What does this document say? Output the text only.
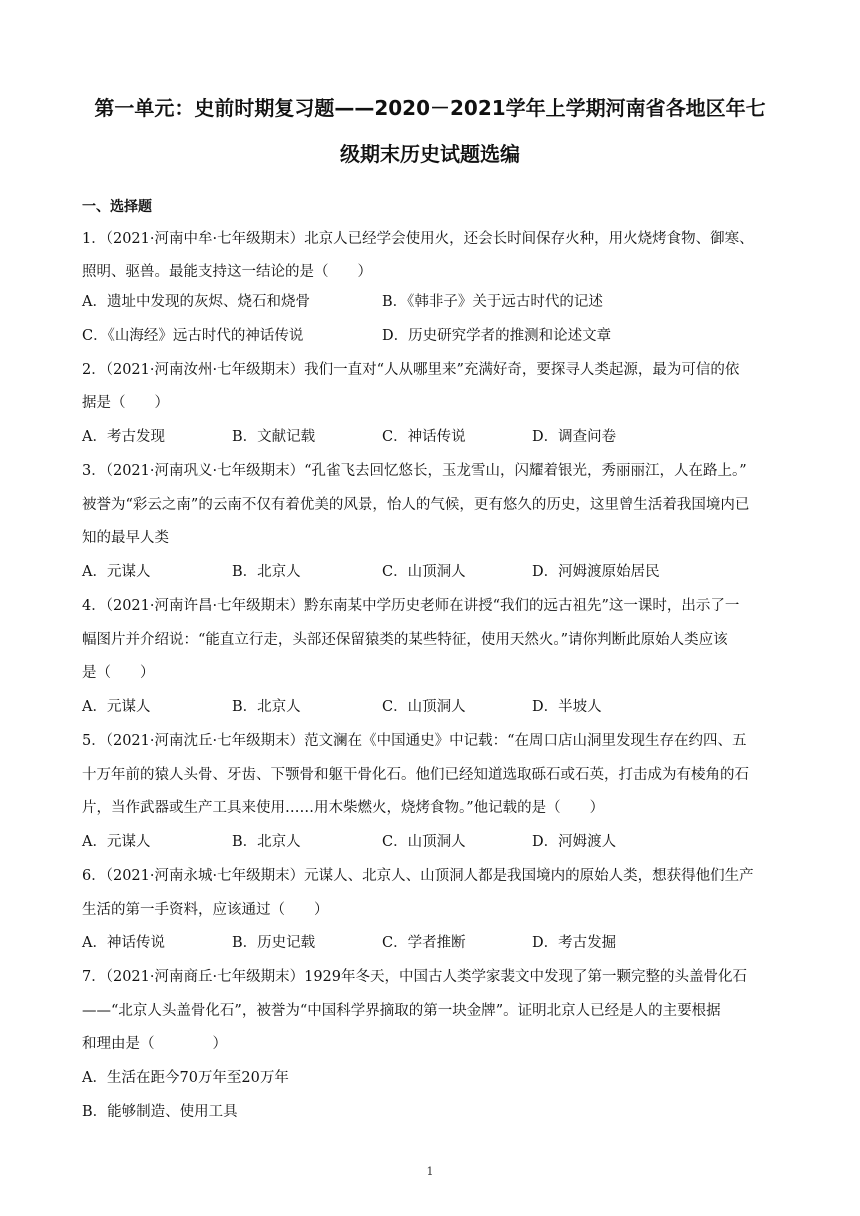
第一单元：史前时期复习题——2020－2021学年上学期河南省各地区年七
级期末历史试题选编
一、选择题
1．（2021·河南中牟·七年级期末）北京人已经学会使用火，还会长时间保存火种，用火烧烤食物、御寒、
照明、驱兽。最能支持这一结论的是（　　）
A．遗址中发现的灰烬、烧石和烧骨	B．《韩非子》关于远古时代的记述
C．《山海经》远古时代的神话传说	D．历史研究学者的推测和论述文章
2．（2021·河南汝州·七年级期末）我们一直对“人从哪里来”充满好奇，要探寻人类起源，最为可信的依
据是（　　）
A．考古发现	B．文献记载	C．神话传说	D．调查问卷
3．（2021·河南巩义·七年级期末）“孔雀飞去回忆悠长，玉龙雪山，闪耀着银光，秀丽丽江，人在路上。”
被誉为“彩云之南”的云南不仅有着优美的风景，怡人的气候，更有悠久的历史，这里曾生活着我国境内已
知的最早人类
A．元谋人	B．北京人	C．山顶洞人	D．河姆渡原始居民
4．（2021·河南许昌·七年级期末）黔东南某中学历史老师在讲授“我们的远古祖先”这一课时，出示了一
幅图片并介绍说：“能直立行走，头部还保留猿类的某些特征，使用天然火。”请你判断此原始人类应该
是（　　）
A．元谋人	B．北京人	C．山顶洞人	D．半坡人
5．（2021·河南沈丘·七年级期末）范文澜在《中国通史》中记载：“在周口店山洞里发现生存在约四、五
十万年前的猿人头骨、牙齿、下颚骨和躯干骨化石。他们已经知道选取砾石或石英，打击成为有棱角的石
片，当作武器或生产工具来使用……用木柴燃火，烧烤食物。”他记载的是（　　）
A．元谋人	B．北京人	C．山顶洞人	D．河姆渡人
6．（2021·河南永城·七年级期末）元谋人、北京人、山顶洞人都是我国境内的原始人类，想获得他们生产
生活的第一手资料，应该通过（　　）
A．神话传说	B．历史记载	C．学者推断	D．考古发掘
7．（2021·河南商丘·七年级期末）1929年冬天，中国古人类学家裴文中发现了第一颗完整的头盖骨化石
——“北京人头盖骨化石”，被誉为“中国科学界摘取的第一块金牌”。证明北京人已经是人的主要根据
和理由是（　　　　）
A．生活在距今70万年至20万年
B．能够制造、使用工具
1
